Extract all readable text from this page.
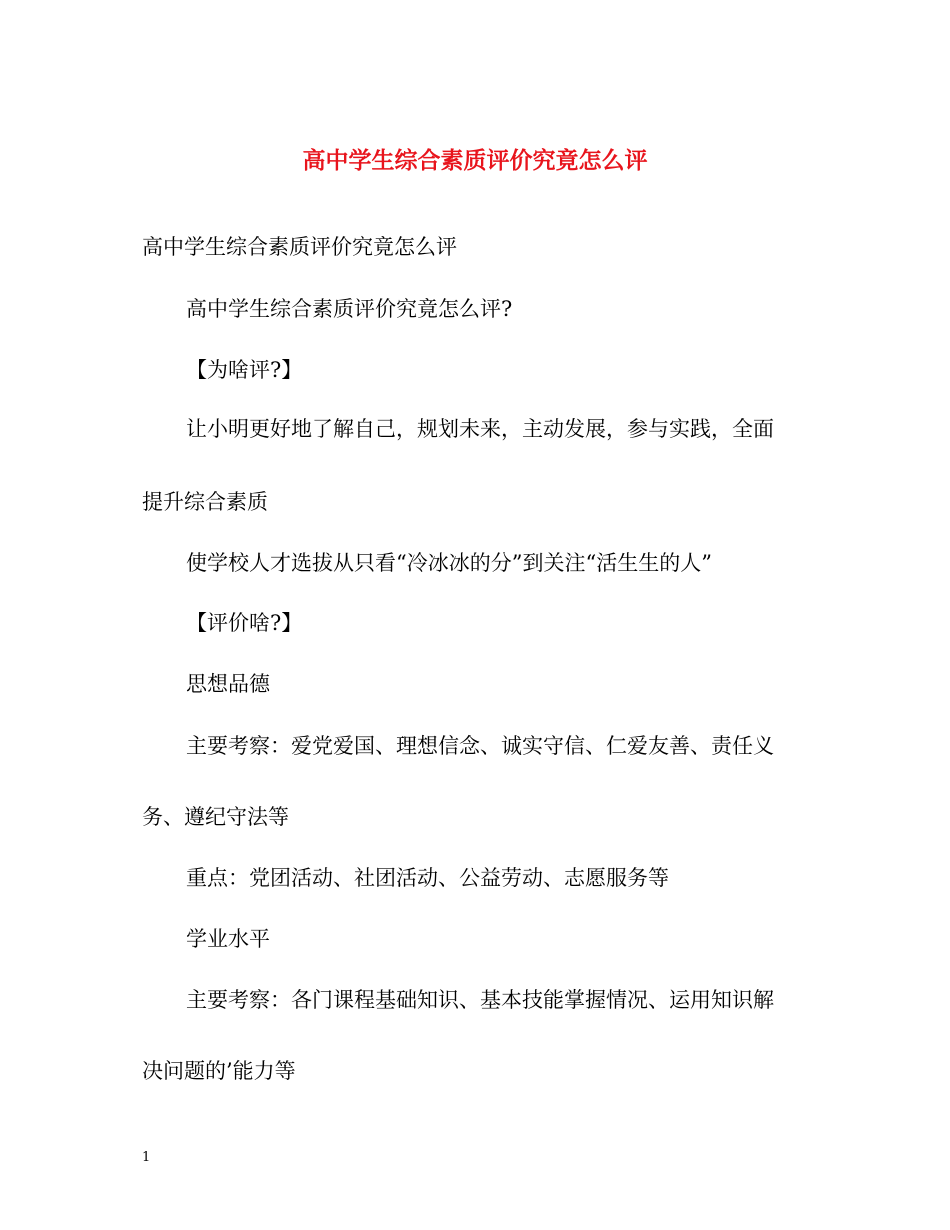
高中学生综合素质评价究竟怎么评
高中学生综合素质评价究竟怎么评
高中学生综合素质评价究竟怎么评?
【为啥评?】
让小明更好地了解自己，规划未来，主动发展，参与实践，全面
提升综合素质
使学校人才选拔从只看“冷冰冰的分”到关注“活生生的人”
【评价啥?】
思想品德
主要考察：爱党爱国、理想信念、诚实守信、仁爱友善、责任义
务、遵纪守法等
重点：党团活动、社团活动、公益劳动、志愿服务等
学业水平
主要考察：各门课程基础知识、基本技能掌握情况、运用知识解
决问题的’能力等
1
